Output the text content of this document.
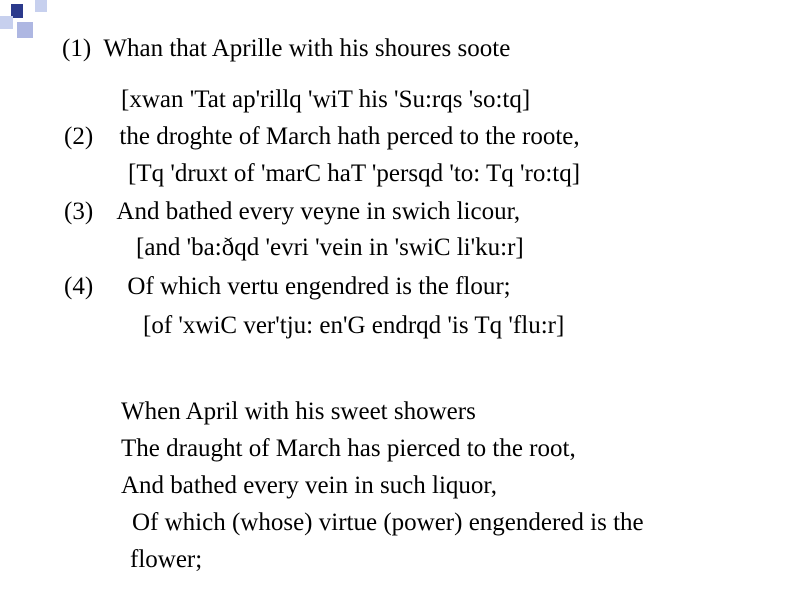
(1) Whan that Aprille with his shoures soote
[xwan 'Tat ap'rillq 'wiT his 'Su:rqs 'so:tq]
(2) the droghte of March hath perced to the roote,
[Tq 'druxt of 'marC haT 'persqd 'to: Tq 'ro:tq]
(3) And bathed every veyne in swich licour,
[and 'ba:ðqd 'evri 'vein in 'swiC li'ku:r]
(4) Of which vertu engendred is the flour;
[of 'xwiC ver'tju: en'G endrqd 'is Tq 'flu:r]
When April with his sweet showers
The draught of March has pierced to the root,
And bathed every vein in such liquor,
Of which (whose) virtue (power) engendered is the
flower;
